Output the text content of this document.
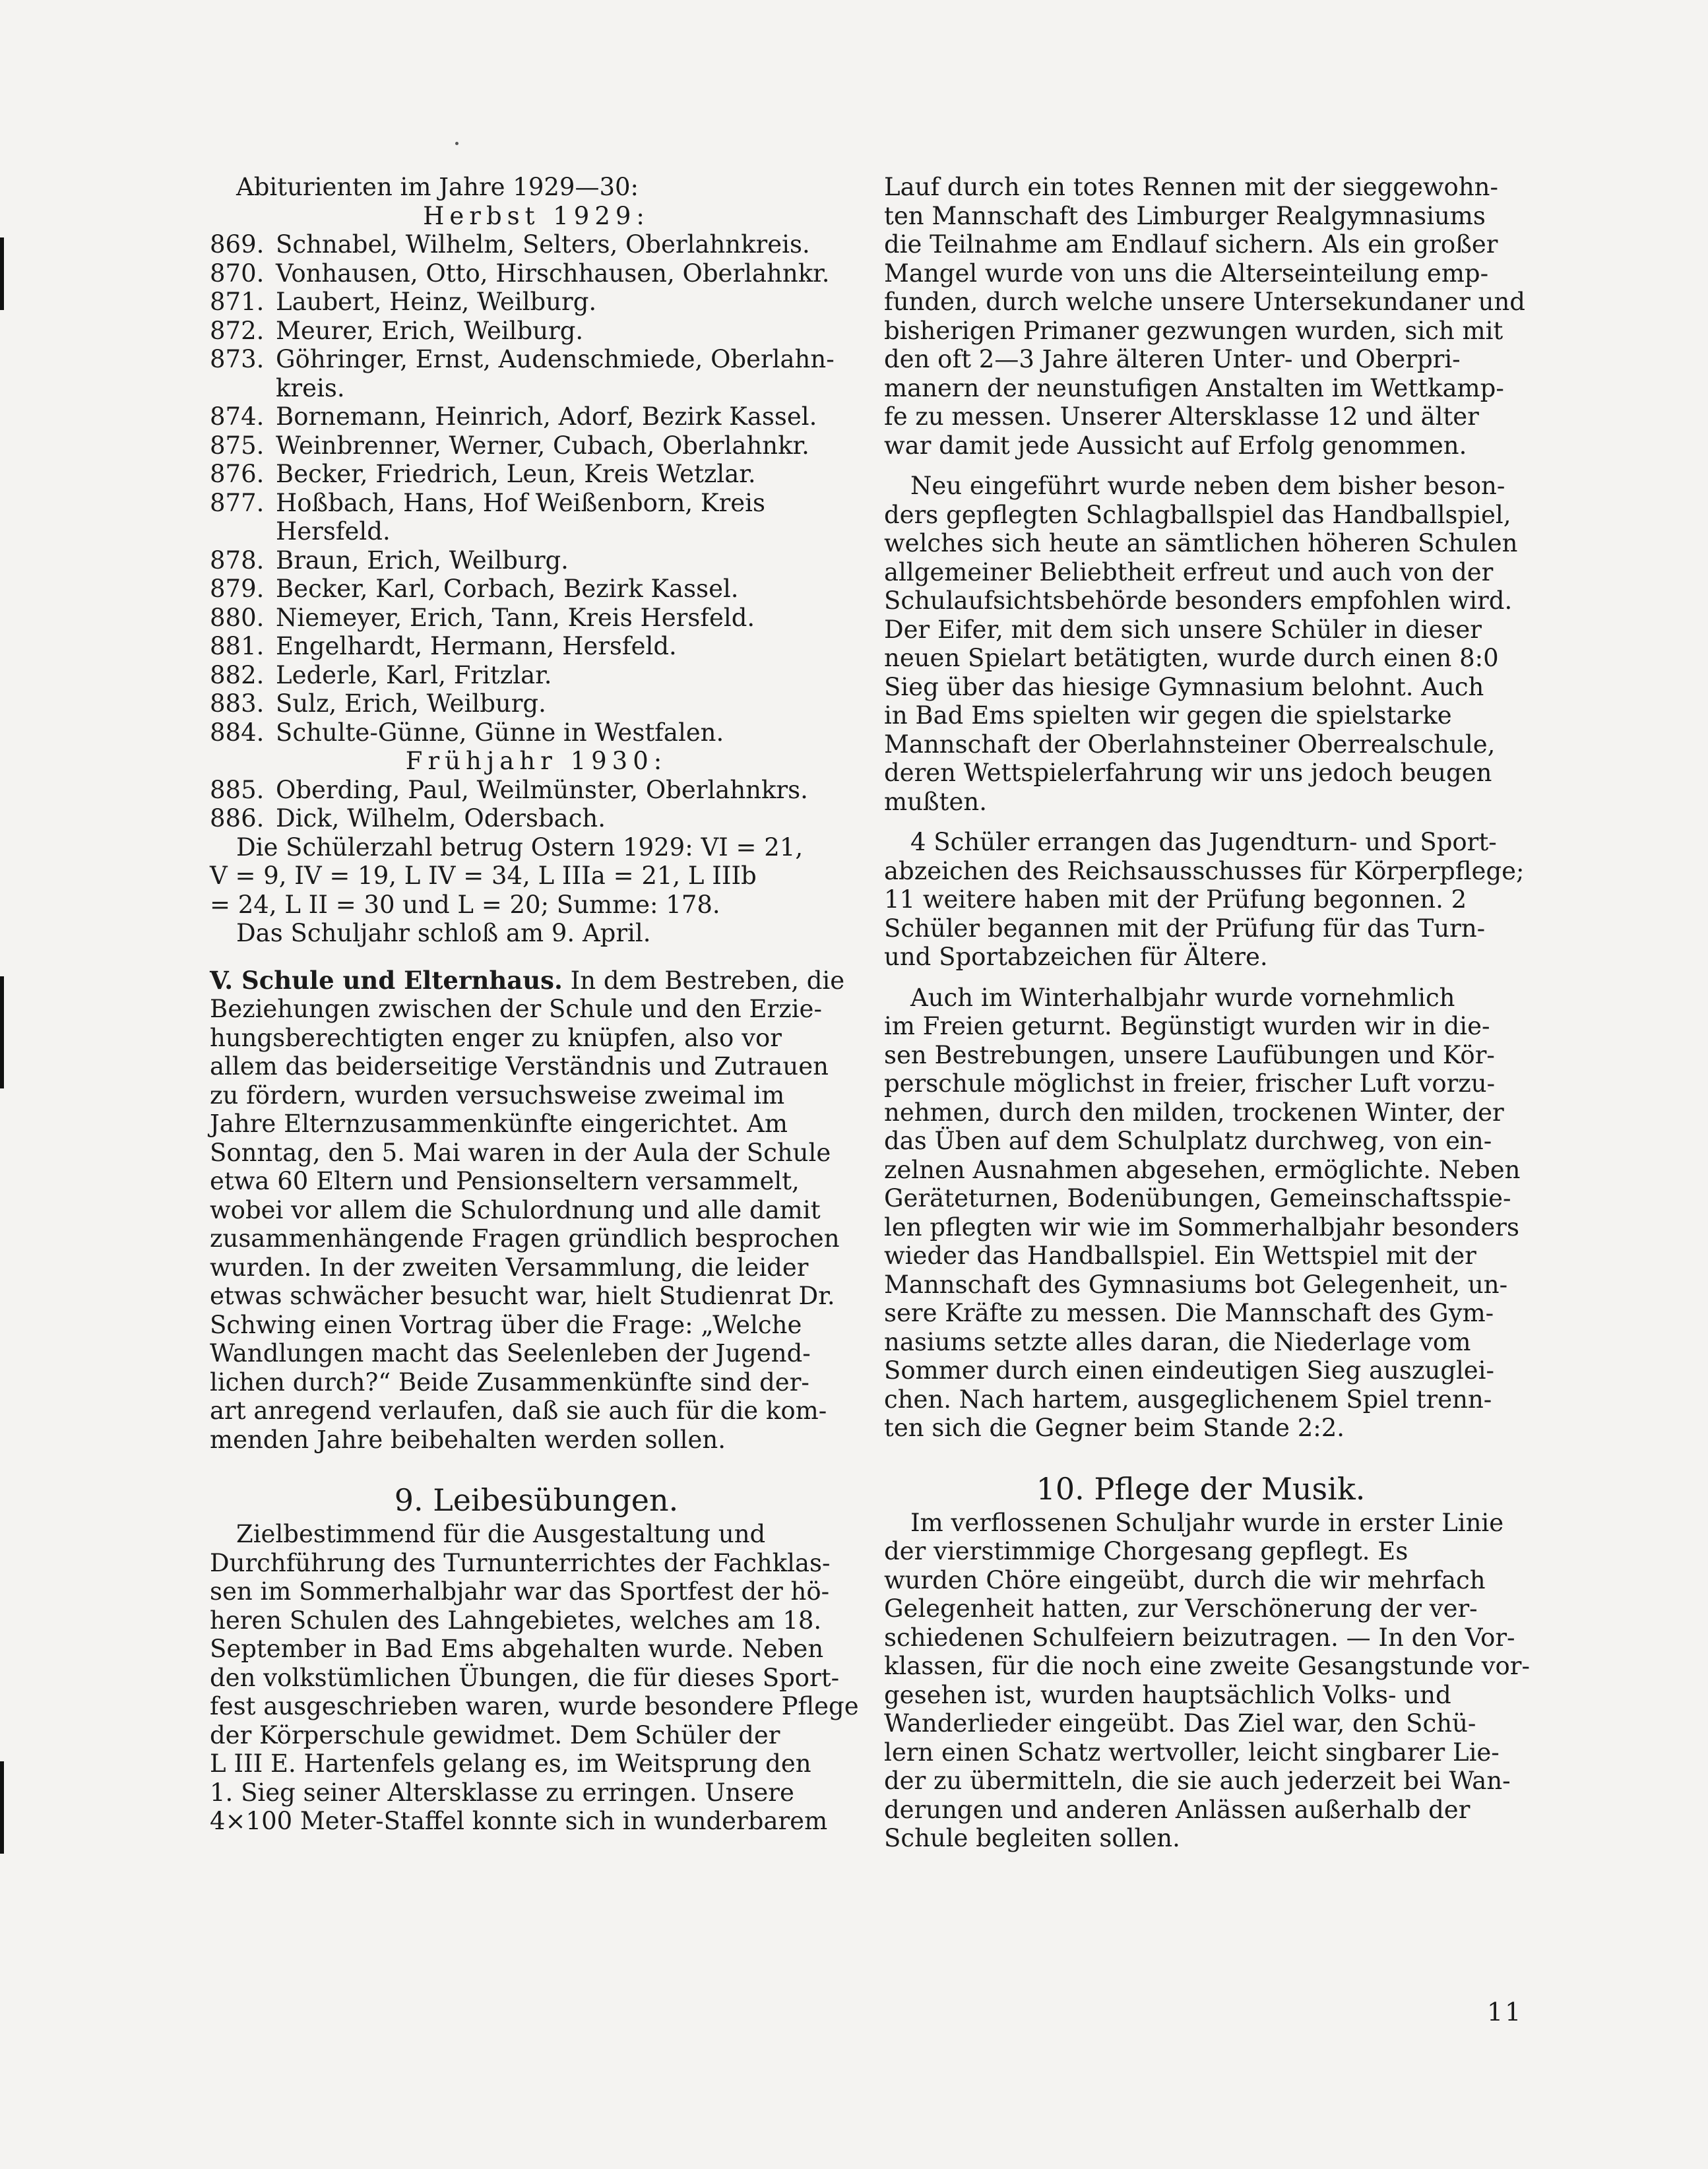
Abiturienten im Jahre 1929—30:
Herbst 1929:
869. Schnabel, Wilhelm, Selters, Oberlahnkreis.
870. Vonhausen, Otto, Hirschhausen, Oberlahnkr.
871. Laubert, Heinz, Weilburg.
872. Meurer, Erich, Weilburg.
873. Göhringer, Ernst, Audenschmiede, Oberlahn-
kreis.
874. Bornemann, Heinrich, Adorf, Bezirk Kassel.
875. Weinbrenner, Werner, Cubach, Oberlahnkr.
876. Becker, Friedrich, Leun, Kreis Wetzlar.
877. Hoßbach, Hans, Hof Weißenborn, Kreis
Hersfeld.
878. Braun, Erich, Weilburg.
879. Becker, Karl, Corbach, Bezirk Kassel.
880. Niemeyer, Erich, Tann, Kreis Hersfeld.
881. Engelhardt, Hermann, Hersfeld.
882. Lederle, Karl, Fritzlar.
883. Sulz, Erich, Weilburg.
884. Schulte-Günne, Günne in Westfalen.
Frühjahr 1930:
885. Oberding, Paul, Weilmünster, Oberlahnkrs.
886. Dick, Wilhelm, Odersbach.
Die Schülerzahl betrug Ostern 1929: VI = 21,
V = 9, IV = 19, L IV = 34, L IIIa = 21, L IIIb
= 24, L II = 30 und L = 20; Summe: 178.
Das Schuljahr schloß am 9. April.
V. Schule und Elternhaus. In dem Bestreben, die
Beziehungen zwischen der Schule und den Erzie-
hungsberechtigten enger zu knüpfen, also vor
allem das beiderseitige Verständnis und Zutrauen
zu fördern, wurden versuchsweise zweimal im
Jahre Elternzusammenkünfte eingerichtet. Am
Sonntag, den 5. Mai waren in der Aula der Schule
etwa 60 Eltern und Pensionseltern versammelt,
wobei vor allem die Schulordnung und alle damit
zusammenhängende Fragen gründlich besprochen
wurden. In der zweiten Versammlung, die leider
etwas schwächer besucht war, hielt Studienrat Dr.
Schwing einen Vortrag über die Frage: „Welche
Wandlungen macht das Seelenleben der Jugend-
lichen durch?“ Beide Zusammenkünfte sind der-
art anregend verlaufen, daß sie auch für die kom-
menden Jahre beibehalten werden sollen.
9. Leibesübungen.
Zielbestimmend für die Ausgestaltung und
Durchführung des Turnunterrichtes der Fachklas-
sen im Sommerhalbjahr war das Sportfest der hö-
heren Schulen des Lahngebietes, welches am 18.
September in Bad Ems abgehalten wurde. Neben
den volkstümlichen Übungen, die für dieses Sport-
fest ausgeschrieben waren, wurde besondere Pflege
der Körperschule gewidmet. Dem Schüler der
L III E. Hartenfels gelang es, im Weitsprung den
1. Sieg seiner Altersklasse zu erringen. Unsere
4×100 Meter-Staffel konnte sich in wunderbarem
Lauf durch ein totes Rennen mit der sieggewohn-
ten Mannschaft des Limburger Realgymnasiums
die Teilnahme am Endlauf sichern. Als ein großer
Mangel wurde von uns die Alterseinteilung emp-
funden, durch welche unsere Untersekundaner und
bisherigen Primaner gezwungen wurden, sich mit
den oft 2—3 Jahre älteren Unter- und Oberpri-
manern der neunstufigen Anstalten im Wettkamp-
fe zu messen. Unserer Altersklasse 12 und älter
war damit jede Aussicht auf Erfolg genommen.
Neu eingeführt wurde neben dem bisher beson-
ders gepflegten Schlagballspiel das Handballspiel,
welches sich heute an sämtlichen höheren Schulen
allgemeiner Beliebtheit erfreut und auch von der
Schulaufsichtsbehörde besonders empfohlen wird.
Der Eifer, mit dem sich unsere Schüler in dieser
neuen Spielart betätigten, wurde durch einen 8:0
Sieg über das hiesige Gymnasium belohnt. Auch
in Bad Ems spielten wir gegen die spielstarke
Mannschaft der Oberlahnsteiner Oberrealschule,
deren Wettspielerfahrung wir uns jedoch beugen
mußten.
4 Schüler errangen das Jugendturn- und Sport-
abzeichen des Reichsausschusses für Körperpflege;
11 weitere haben mit der Prüfung begonnen. 2
Schüler begannen mit der Prüfung für das Turn-
und Sportabzeichen für Ältere.
Auch im Winterhalbjahr wurde vornehmlich
im Freien geturnt. Begünstigt wurden wir in die-
sen Bestrebungen, unsere Laufübungen und Kör-
perschule möglichst in freier, frischer Luft vorzu-
nehmen, durch den milden, trockenen Winter, der
das Üben auf dem Schulplatz durchweg, von ein-
zelnen Ausnahmen abgesehen, ermöglichte. Neben
Geräteturnen, Bodenübungen, Gemeinschaftsspie-
len pflegten wir wie im Sommerhalbjahr besonders
wieder das Handballspiel. Ein Wettspiel mit der
Mannschaft des Gymnasiums bot Gelegenheit, un-
sere Kräfte zu messen. Die Mannschaft des Gym-
nasiums setzte alles daran, die Niederlage vom
Sommer durch einen eindeutigen Sieg auszuglei-
chen. Nach hartem, ausgeglichenem Spiel trenn-
ten sich die Gegner beim Stande 2:2.
10. Pflege der Musik.
Im verflossenen Schuljahr wurde in erster Linie
der vierstimmige Chorgesang gepflegt. Es
wurden Chöre eingeübt, durch die wir mehrfach
Gelegenheit hatten, zur Verschönerung der ver-
schiedenen Schulfeiern beizutragen. — In den Vor-
klassen, für die noch eine zweite Gesangstunde vor-
gesehen ist, wurden hauptsächlich Volks- und
Wanderlieder eingeübt. Das Ziel war, den Schü-
lern einen Schatz wertvoller, leicht singbarer Lie-
der zu übermitteln, die sie auch jederzeit bei Wan-
derungen und anderen Anlässen außerhalb der
Schule begleiten sollen.
11
